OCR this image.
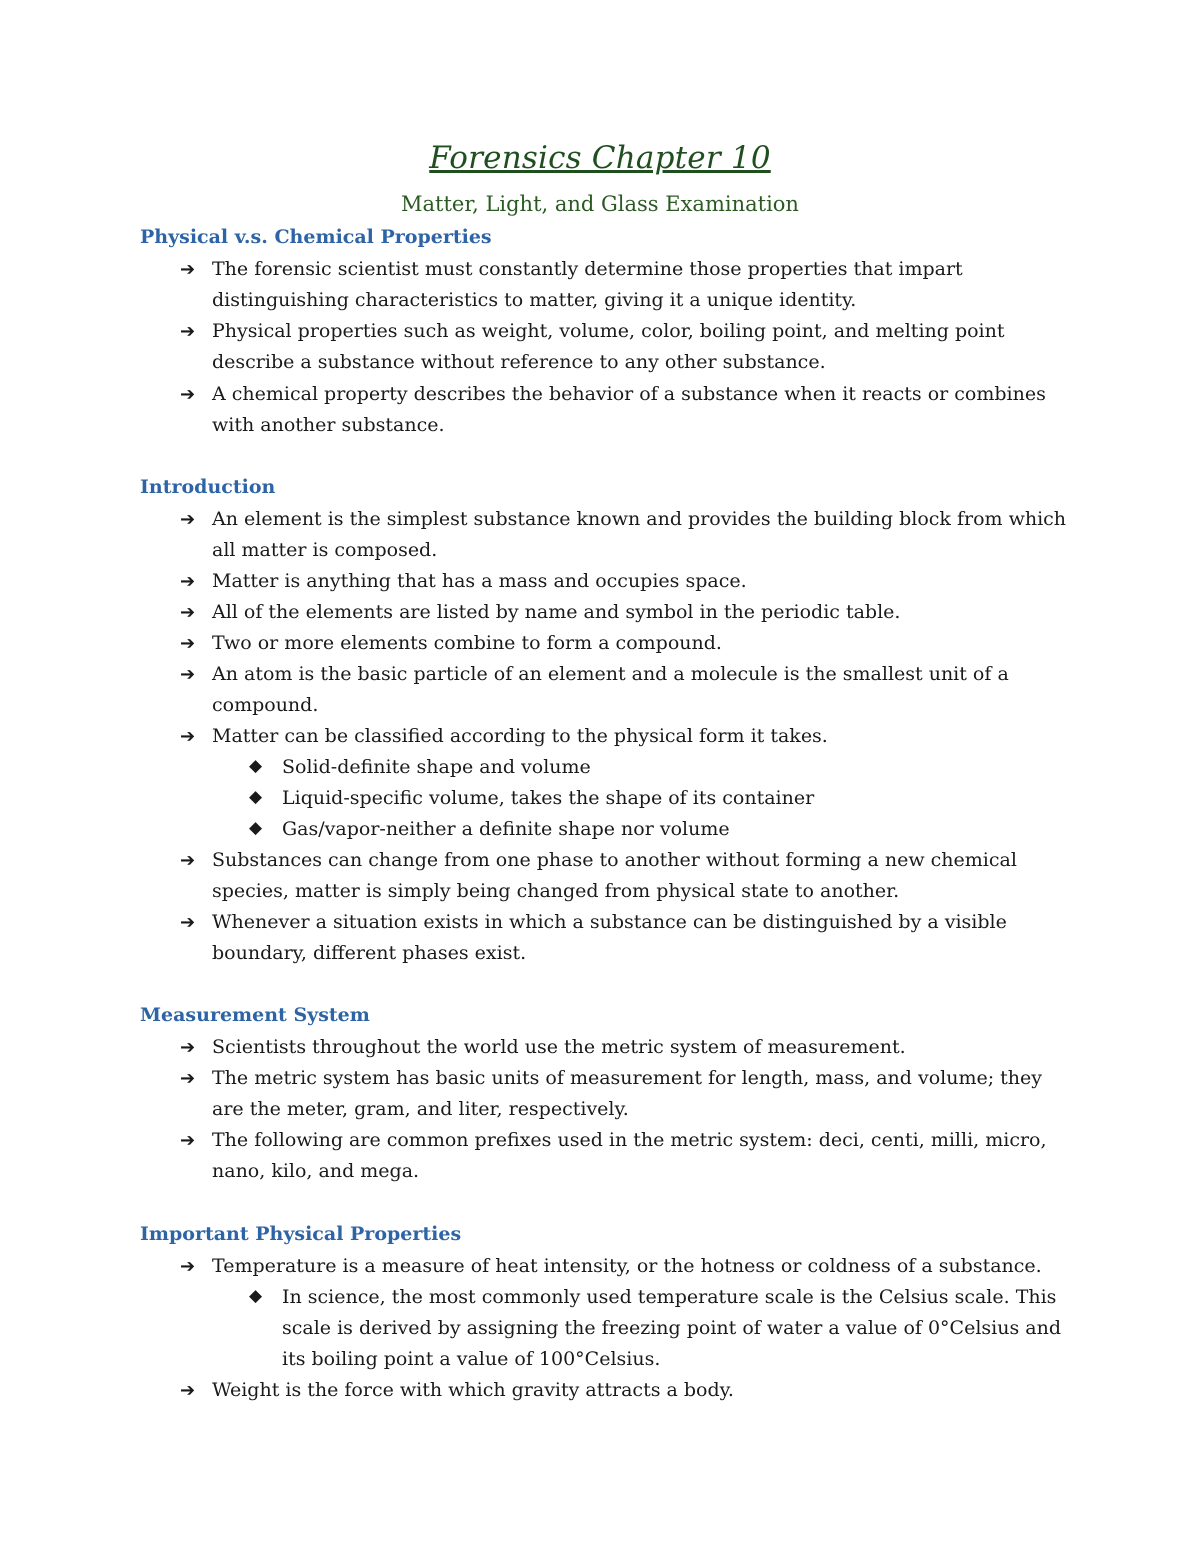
Forensics Chapter 10
Matter, Light, and Glass Examination
Physical v.s. Chemical Properties
➔ The forensic scientist must constantly determine those properties that impart distinguishing characteristics to matter, giving it a unique identity.
➔ Physical properties such as weight, volume, color, boiling point, and melting point describe a substance without reference to any other substance.
➔ A chemical property describes the behavior of a substance when it reacts or combines with another substance.
Introduction
➔ An element is the simplest substance known and provides the building block from which all matter is composed.
➔ Matter is anything that has a mass and occupies space.
➔ All of the elements are listed by name and symbol in the periodic table.
➔ Two or more elements combine to form a compound.
➔ An atom is the basic particle of an element and a molecule is the smallest unit of a compound.
➔ Matter can be classified according to the physical form it takes.
◆ Solid-definite shape and volume
◆ Liquid-specific volume, takes the shape of its container
◆ Gas/vapor-neither a definite shape nor volume
➔ Substances can change from one phase to another without forming a new chemical species, matter is simply being changed from physical state to another.
➔ Whenever a situation exists in which a substance can be distinguished by a visible boundary, different phases exist.
Measurement System
➔ Scientists throughout the world use the metric system of measurement.
➔ The metric system has basic units of measurement for length, mass, and volume; they are the meter, gram, and liter, respectively.
➔ The following are common prefixes used in the metric system: deci, centi, milli, micro, nano, kilo, and mega.
Important Physical Properties
➔ Temperature is a measure of heat intensity, or the hotness or coldness of a substance.
◆ In science, the most commonly used temperature scale is the Celsius scale. This scale is derived by assigning the freezing point of water a value of 0°Celsius and its boiling point a value of 100°Celsius.
➔ Weight is the force with which gravity attracts a body.
